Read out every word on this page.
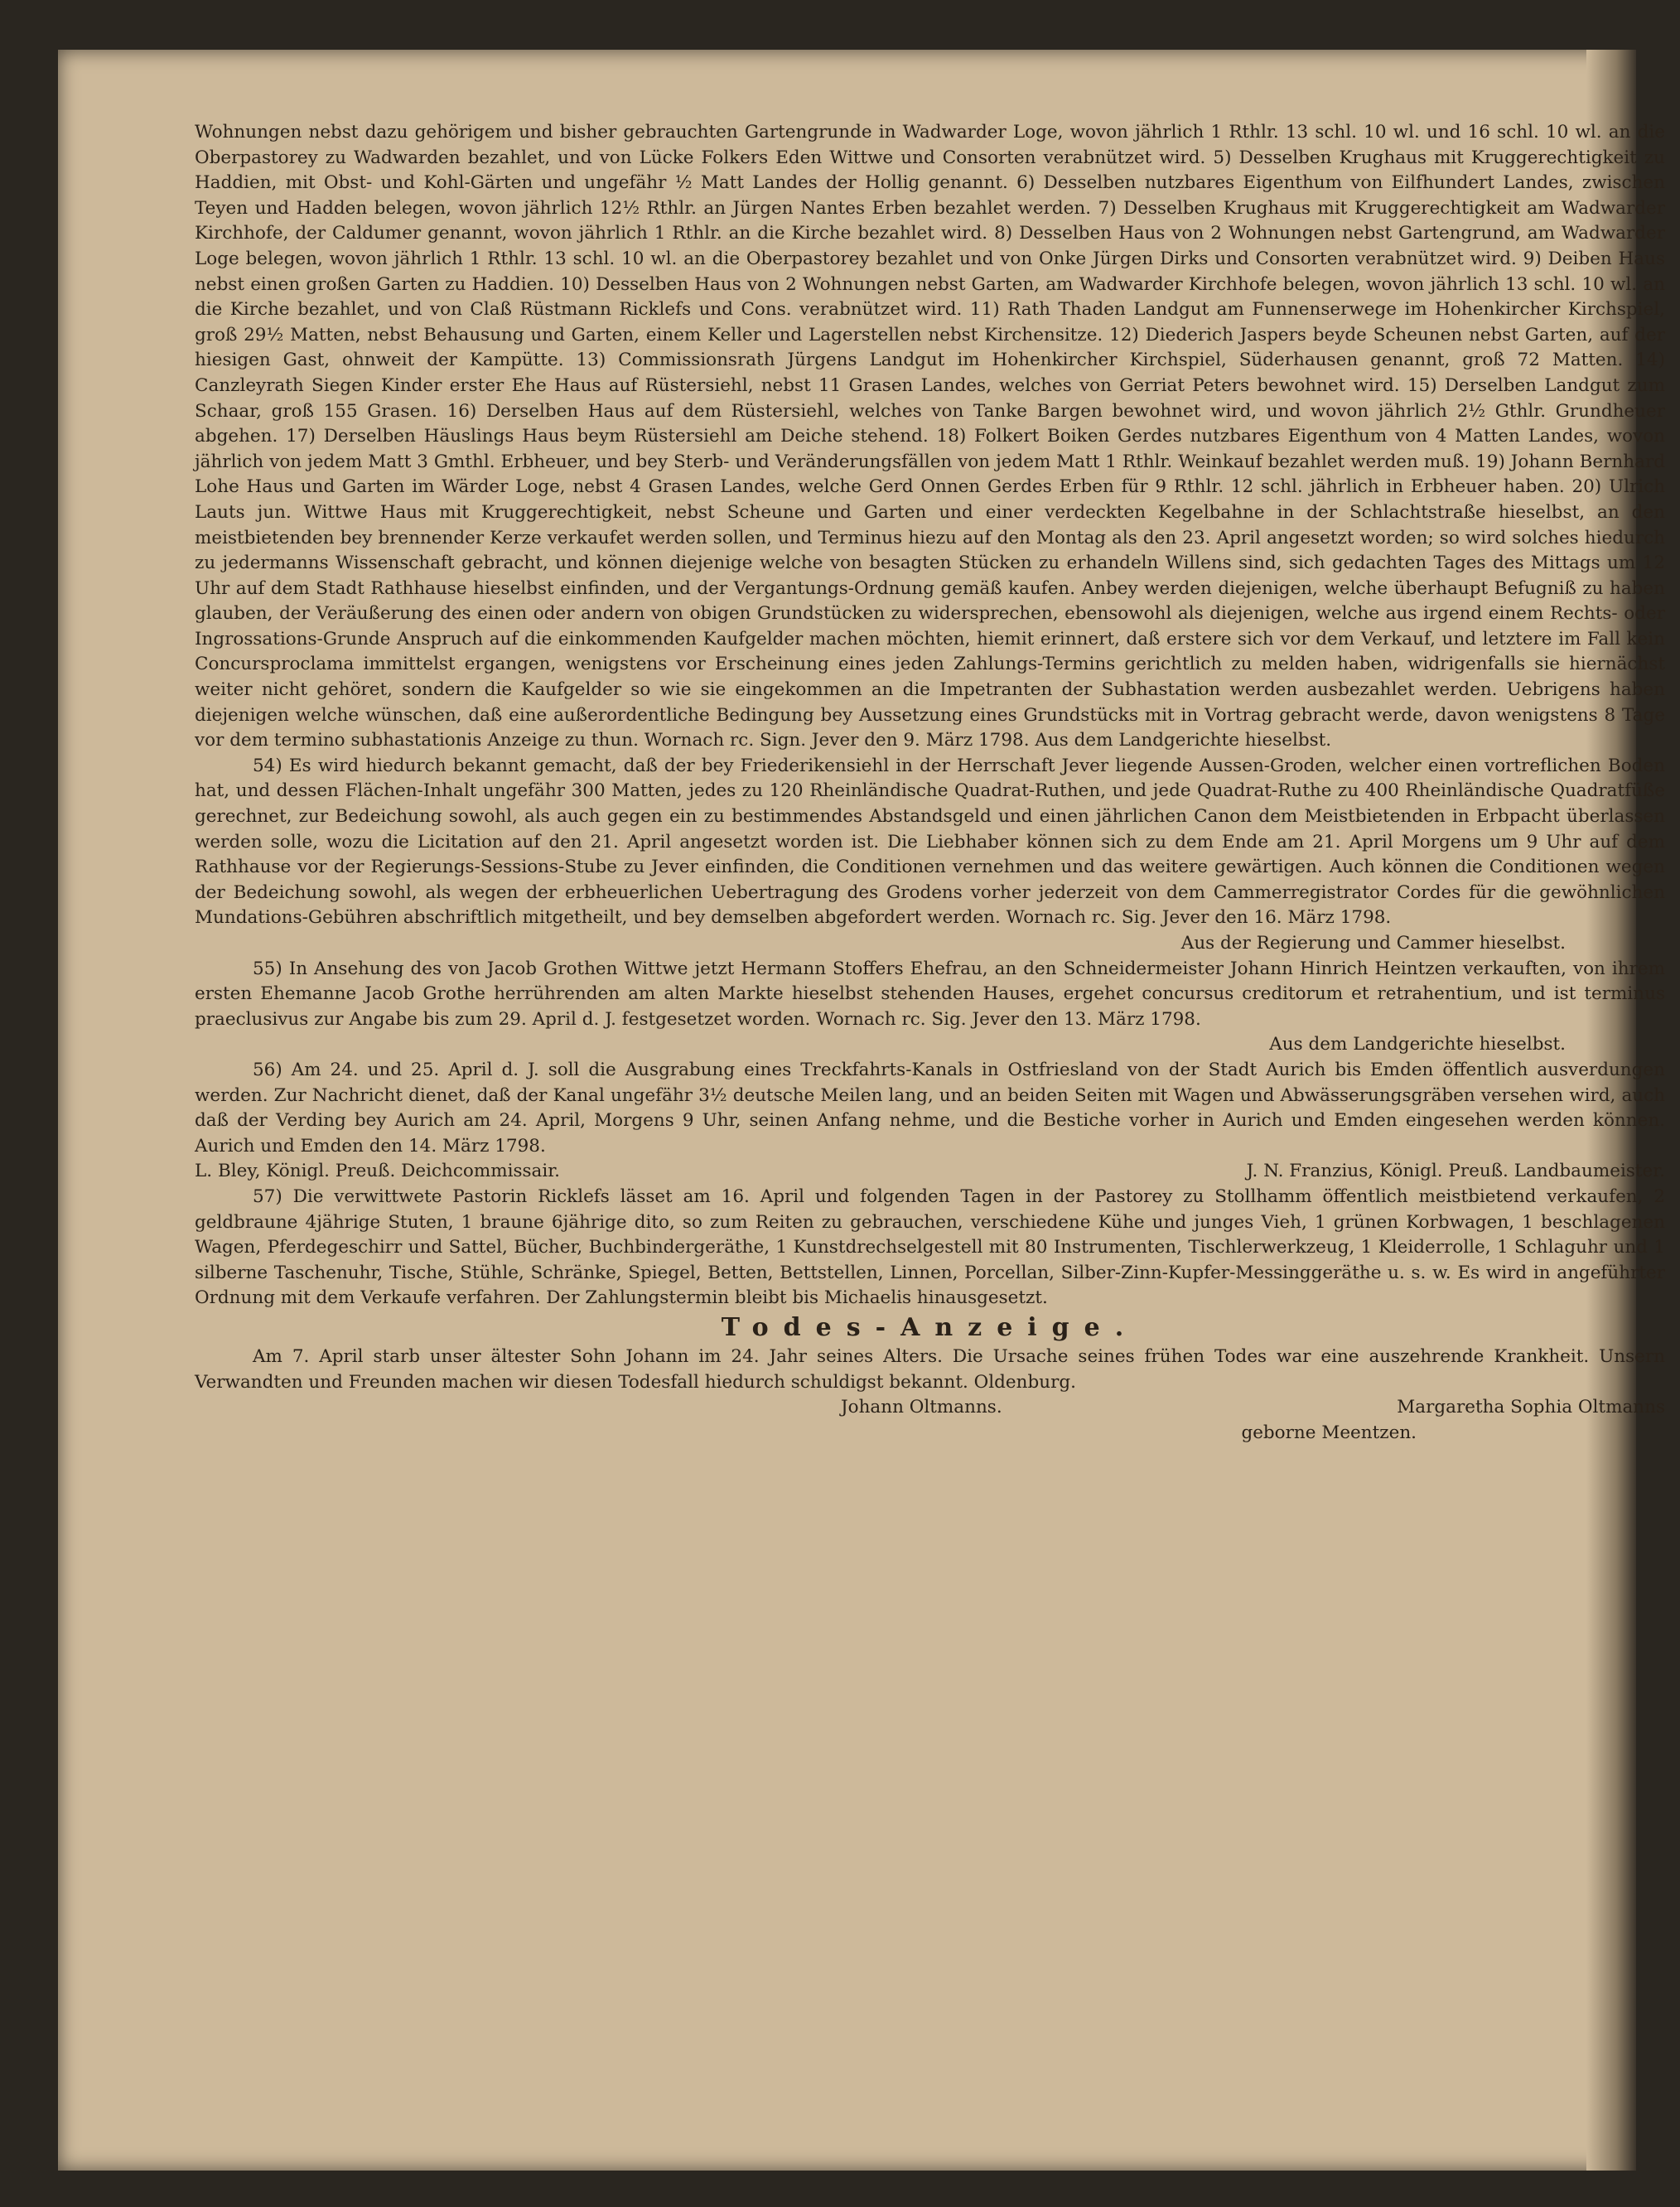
Wohnungen nebst dazu gehörigem und bisher gebrauchten Gartengrunde in Wadwarder Loge, wovon jährlich 1 Rthlr. 13 schl. 10 wl. und 16 schl. 10 wl. an die Oberpastorey zu Wadwarden bezahlet, und von Lücke Folkers Eden Wittwe und Consorten verabnützet wird. 5) Desselben Krughaus mit Kruggerechtigkeit zu Haddien, mit Obst- und Kohl-Gärten und ungefähr ½ Matt Landes der Hollig genannt. 6) Desselben nutzbares Eigenthum von Eilfhundert Landes, zwischen Teyen und Hadden belegen, wovon jährlich 12½ Rthlr. an Jürgen Nantes Erben bezahlet werden. 7) Desselben Krughaus mit Kruggerechtigkeit am Wadwarder Kirchhofe, der Caldumer genannt, wovon jährlich 1 Rthlr. an die Kirche bezahlet wird. 8) Desselben Haus von 2 Wohnungen nebst Gartengrund, am Wadwarder Loge belegen, wovon jährlich 1 Rthlr. 13 schl. 10 wl. an die Oberpastorey bezahlet und von Onke Jürgen Dirks und Consorten verabnützet wird. 9) Deiben Haus nebst einen großen Garten zu Haddien. 10) Desselben Haus von 2 Wohnungen nebst Garten, am Wadwarder Kirchhofe belegen, wovon jährlich 13 schl. 10 wl. an die Kirche bezahlet, und von Claß Rüstmann Ricklefs und Cons. verabnützet wird. 11) Rath Thaden Landgut am Funnenserwege im Hohenkircher Kirchspiel, groß 29½ Matten, nebst Behausung und Garten, einem Keller und Lagerstellen nebst Kirchensitze. 12) Diederich Jaspers beyde Scheunen nebst Garten, auf der hiesigen Gast, ohnweit der Kampütte. 13) Commissionsrath Jürgens Landgut im Hohenkircher Kirchspiel, Süderhausen genannt, groß 72 Matten. 14) Canzleyrath Siegen Kinder erster Ehe Haus auf Rüstersiehl, nebst 11 Grasen Landes, welches von Gerriat Peters bewohnet wird. 15) Derselben Landgut zum Schaar, groß 155 Grasen. 16) Derselben Haus auf dem Rüstersiehl, welches von Tanke Bargen bewohnet wird, und wovon jährlich 2½ Gthlr. Grundheuer abgehen. 17) Derselben Häuslings Haus beym Rüstersiehl am Deiche stehend. 18) Folkert Boiken Gerdes nutzbares Eigenthum von 4 Matten Landes, wovon jährlich von jedem Matt 3 Gmthl. Erbheuer, und bey Sterb- und Veränderungsfällen von jedem Matt 1 Rthlr. Weinkauf bezahlet werden muß. 19) Johann Bernhard Lohe Haus und Garten im Wärder Loge, nebst 4 Grasen Landes, welche Gerd Onnen Gerdes Erben für 9 Rthlr. 12 schl. jährlich in Erbheuer haben. 20) Ulrich Lauts jun. Wittwe Haus mit Kruggerechtigkeit, nebst Scheune und Garten und einer verdeckten Kegelbahne in der Schlachtstraße hieselbst, an den meistbietenden bey brennender Kerze verkaufet werden sollen, und Terminus hiezu auf den Montag als den 23. April angesetzt worden; so wird solches hiedurch zu jedermanns Wissenschaft gebracht, und können diejenige welche von besagten Stücken zu erhandeln Willens sind, sich gedachten Tages des Mittags um 12 Uhr auf dem Stadt Rathhause hieselbst einfinden, und der Vergantungs-Ordnung gemäß kaufen. Anbey werden diejenigen, welche überhaupt Befugniß zu haben glauben, der Veräußerung des einen oder andern von obigen Grundstücken zu widersprechen, ebensowohl als diejenigen, welche aus irgend einem Rechts- oder Ingrossations-Grunde Anspruch auf die einkommenden Kaufgelder machen möchten, hiemit erinnert, daß erstere sich vor dem Verkauf, und letztere im Fall kein Concursproclama immittelst ergangen, wenigstens vor Erscheinung eines jeden Zahlungs-Termins gerichtlich zu melden haben, widrigenfalls sie hiernächst weiter nicht gehöret, sondern die Kaufgelder so wie sie eingekommen an die Impetranten der Subhastation werden ausbezahlet werden. Uebrigens haben diejenigen welche wünschen, daß eine außerordentliche Bedingung bey Aussetzung eines Grundstücks mit in Vortrag gebracht werde, davon wenigstens 8 Tage vor dem termino subhastationis Anzeige zu thun. Wornach rc. Sign. Jever den 9. März 1798. Aus dem Landgerichte hieselbst.

54) Es wird hiedurch bekannt gemacht, daß der bey Friederikensiehl in der Herrschaft Jever liegende Aussen-Groden, welcher einen vortreflichen Boden hat, und dessen Flächen-Inhalt ungefähr 300 Matten, jedes zu 120 Rheinländische Quadrat-Ruthen, und jede Quadrat-Ruthe zu 400 Rheinländische Quadratfüße gerechnet, zur Bedeichung sowohl, als auch gegen ein zu bestimmendes Abstandsgeld und einen jährlichen Canon dem Meistbietenden in Erbpacht überlassen werden solle, wozu die Licitation auf den 21. April angesetzt worden ist. Die Liebhaber können sich zu dem Ende am 21. April Morgens um 9 Uhr auf dem Rathhause vor der Regierungs-Sessions-Stube zu Jever einfinden, die Conditionen vernehmen und das weitere gewärtigen. Auch können die Conditionen wegen der Bedeichung sowohl, als wegen der erbheuerlichen Uebertragung des Grodens vorher jederzeit von dem Cammerregistrator Cordes für die gewöhnlichen Mundations-Gebühren abschriftlich mitgetheilt, und bey demselben abgefordert werden. Wornach rc. Sig. Jever den 16. März 1798.

Aus der Regierung und Cammer hieselbst.

55) In Ansehung des von Jacob Grothen Wittwe jetzt Hermann Stoffers Ehefrau, an den Schneidermeister Johann Hinrich Heintzen verkauften, von ihrem ersten Ehemanne Jacob Grothe herrührenden am alten Markte hieselbst stehenden Hauses, ergehet concursus creditorum et retrahentium, und ist terminus praeclusivus zur Angabe bis zum 29. April d. J. festgesetzet worden. Wornach rc. Sig. Jever den 13. März 1798.

Aus dem Landgerichte hieselbst.

56) Am 24. und 25. April d. J. soll die Ausgrabung eines Treckfahrts-Kanals in Ostfriesland von der Stadt Aurich bis Emden öffentlich ausverdungen werden. Zur Nachricht dienet, daß der Kanal ungefähr 3½ deutsche Meilen lang, und an beiden Seiten mit Wagen und Abwässerungsgräben versehen wird, auch daß der Verding bey Aurich am 24. April, Morgens 9 Uhr, seinen Anfang nehme, und die Bestiche vorher in Aurich und Emden eingesehen werden können. Aurich und Emden den 14. März 1798.

L. Bley, Königl. Preuß. Deichcommissair.	J. N. Franzius, Königl. Preuß. Landbaumeister.

57) Die verwittwete Pastorin Ricklefs lässet am 16. April und folgenden Tagen in der Pastorey zu Stollhamm öffentlich meistbietend verkaufen, 2 geldbraune 4jährige Stuten, 1 braune 6jährige dito, so zum Reiten zu gebrauchen, verschiedene Kühe und junges Vieh, 1 grünen Korbwagen, 1 beschlagenen Wagen, Pferdegeschirr und Sattel, Bücher, Buchbindergeräthe, 1 Kunstdrechselgestell mit 80 Instrumenten, Tischlerwerkzeug, 1 Kleiderrolle, 1 Schlaguhr und 1 silberne Taschenuhr, Tische, Stühle, Schränke, Spiegel, Betten, Bettstellen, Linnen, Porcellan, Silber-Zinn-Kupfer-Messinggeräthe u. s. w. Es wird in angeführter Ordnung mit dem Verkaufe verfahren. Der Zahlungstermin bleibt bis Michaelis hinausgesetzt.

Todes-Anzeige.

Am 7. April starb unser ältester Sohn Johann im 24. Jahr seines Alters. Die Ursache seines frühen Todes war eine auszehrende Krankheit. Unsern Verwandten und Freunden machen wir diesen Todesfall hiedurch schuldigst bekannt. Oldenburg.

Johann Oltmanns.	Margaretha Sophia Oltmanns

geborne Meentzen.
